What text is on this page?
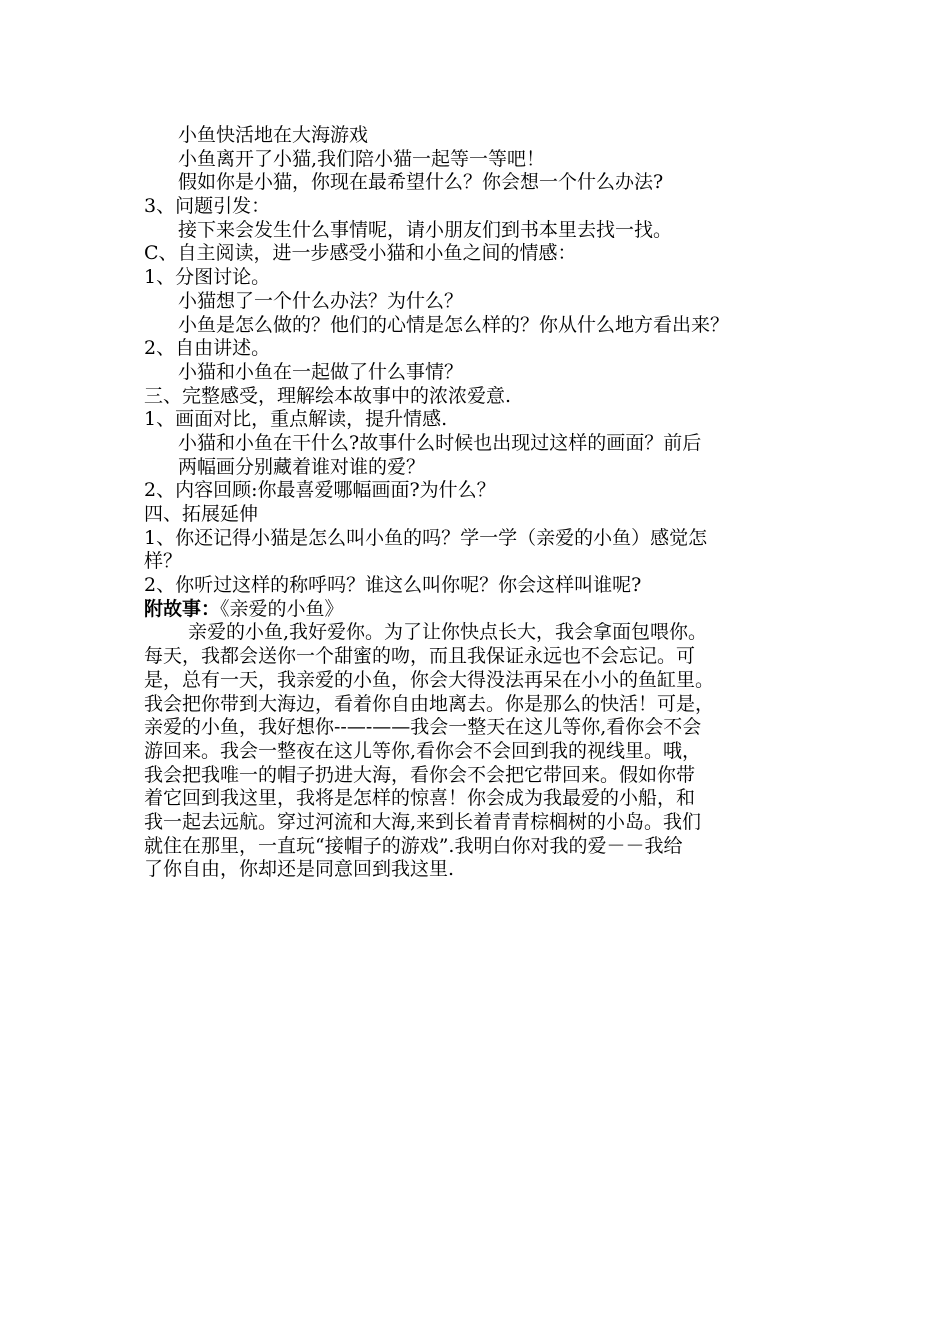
小鱼快活地在大海游戏
小鱼离开了小猫,我们陪小猫一起等一等吧！
假如你是小猫，你现在最希望什么？你会想一个什么办法?
3、问题引发：
接下来会发生什么事情呢，请小朋友们到书本里去找一找。
C、自主阅读，进一步感受小猫和小鱼之间的情感：
1、分图讨论。
小猫想了一个什么办法？为什么？
小鱼是怎么做的？他们的心情是怎么样的？你从什么地方看出来？
2、自由讲述。
小猫和小鱼在一起做了什么事情？
三、完整感受，理解绘本故事中的浓浓爱意.
1、画面对比，重点解读，提升情感.
小猫和小鱼在干什么?故事什么时候也出现过这样的画面？前后
两幅画分别藏着谁对谁的爱？
2、内容回顾:你最喜爱哪幅画面?为什么？
四、拓展延伸
1、你还记得小猫是怎么叫小鱼的吗？学一学（亲爱的小鱼）感觉怎
样？
2、你听过这样的称呼吗？谁这么叫你呢？你会这样叫谁呢?
附故事：《亲爱的小鱼》
亲爱的小鱼,我好爱你。为了让你快点长大，我会拿面包喂你。
每天，我都会送你一个甜蜜的吻，而且我保证永远也不会忘记。可
是，总有一天，我亲爱的小鱼，你会大得没法再呆在小小的鱼缸里。
我会把你带到大海边，看着你自由地离去。你是那么的快活！可是，
亲爱的小鱼，我好想你--—-——我会一整天在这儿等你,看你会不会
游回来。我会一整夜在这儿等你,看你会不会回到我的视线里。哦，
我会把我唯一的帽子扔进大海，看你会不会把它带回来。假如你带
着它回到我这里，我将是怎样的惊喜！你会成为我最爱的小船，和
我一起去远航。穿过河流和大海,来到长着青青棕榈树的小岛。我们
就住在那里，一直玩“接帽子的游戏”.我明白你对我的爱－－我给
了你自由，你却还是同意回到我这里.
